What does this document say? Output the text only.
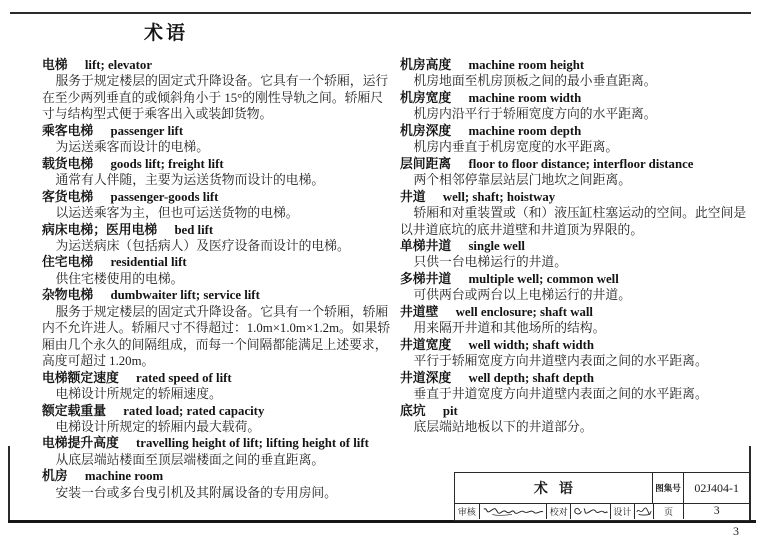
术语
电梯 lift; elevator

服务于规定楼层的固定式升降设备。它具有一个轿厢，运行在至少两列垂直的或倾斜角小于 15°的刚性导轨之间。轿厢尺寸与结构型式便于乘客出入或装卸货物。

乘客电梯 passenger lift

为运送乘客而设计的电梯。

载货电梯 goods lift; freight lift

通常有人伴随，主要为运送货物而设计的电梯。

客货电梯 passenger-goods lift

以运送乘客为主，但也可运送货物的电梯。

病床电梯；医用电梯 bed lift

为运送病床（包括病人）及医疗设备而设计的电梯。

住宅电梯 residential lift

供住宅楼使用的电梯。

杂物电梯 dumbwaiter lift; service lift

服务于规定楼层的固定式升降设备。它具有一个轿厢，轿厢内不允许进人。轿厢尺寸不得超过：1.0m×1.0m×1.2m。如果轿厢由几个永久的间隔组成，而每一个间隔都能满足上述要求，高度可超过 1.20m。

电梯额定速度 rated speed of lift

电梯设计所规定的轿厢速度。

额定载重量 rated load; rated capacity

电梯设计所规定的轿厢内最大载荷。

电梯提升高度 travelling height of lift; lifting height of lift

从底层端站楼面至顶层端楼面之间的垂直距离。

机房 machine room

安装一台或多台曳引机及其附属设备的专用房间。

机房高度 machine room height

机房地面至机房顶板之间的最小垂直距离。

机房宽度 machine room width

机房内沿平行于轿厢宽度方向的水平距离。

机房深度 machine room depth

机房内垂直于机房宽度的水平距离。

层间距离 floor to floor distance; interfloor distance

两个相邻停靠层站层门地坎之间距离。

井道 well; shaft; hoistway

轿厢和对重装置或（和）液压缸柱塞运动的空间。此空间是以井道底坑的底井道壁和井道顶为界限的。

单梯井道 single well

只供一台电梯运行的井道。

多梯井道 multiple well; common well

可供两台或两台以上电梯运行的井道。

井道壁 well enclosure; shaft wall

用来隔开井道和其他场所的结构。

井道宽度 well width; shaft width

平行于轿厢宽度方向井道壁内表面之间的水平距离。

井道深度 well depth; shaft depth

垂直于井道宽度方向井道壁内表面之间的水平距离。

底坑 pit

底层端站地板以下的井道部分。

术语	图集号	02J404-1
审核	校对	设计	页	3
3
